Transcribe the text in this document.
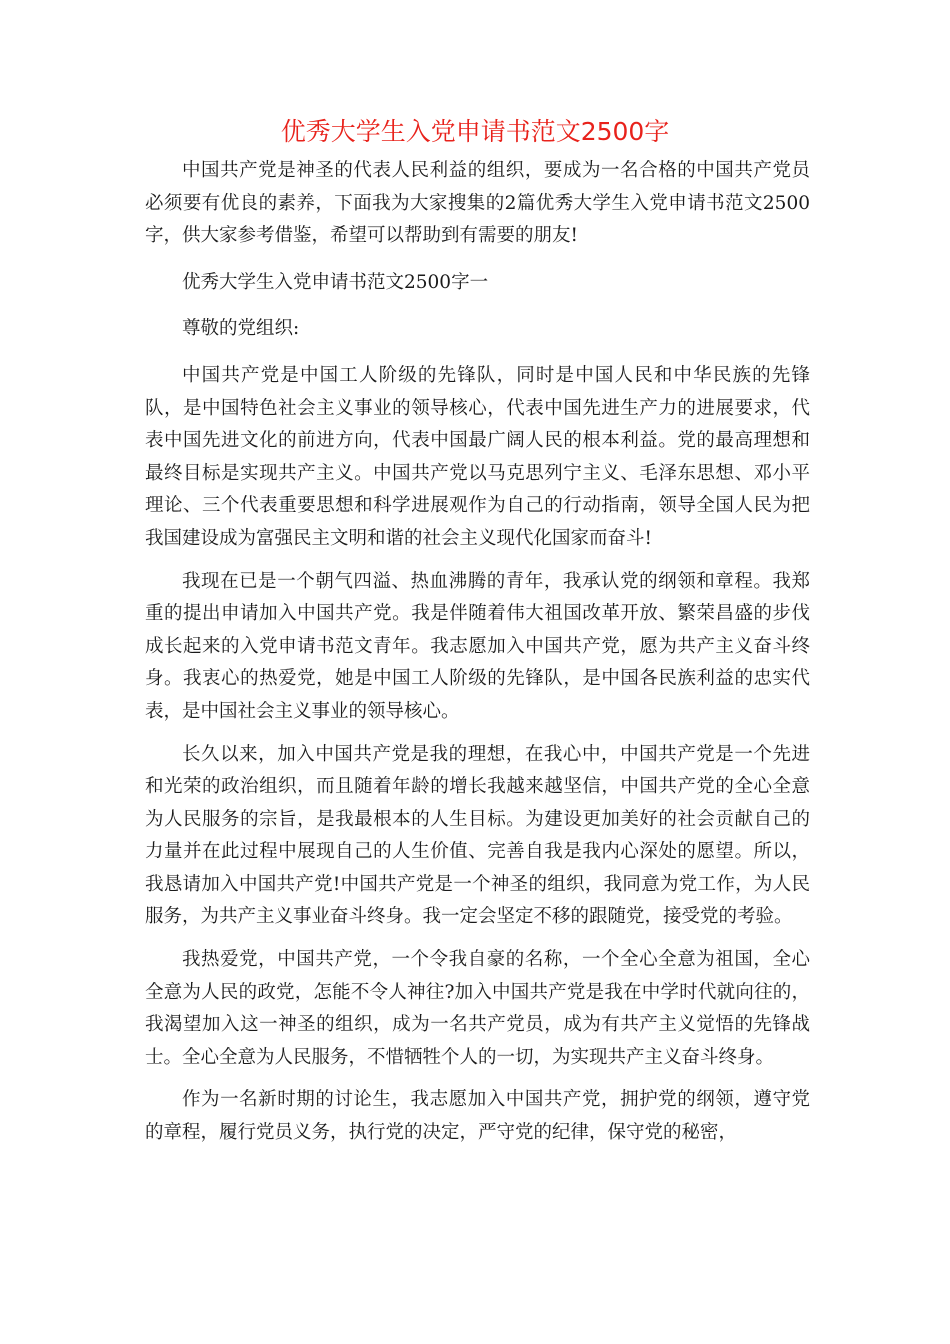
优秀大学生入党申请书范文2500字

中国共产党是神圣的代表人民利益的组织，要成为一名合格的中国共产党员必须要有优良的素养，下面我为大家搜集的2篇优秀大学生入党申请书范文2500字，供大家参考借鉴，希望可以帮助到有需要的朋友!

优秀大学生入党申请书范文2500字一

尊敬的党组织:

中国共产党是中国工人阶级的先锋队，同时是中国人民和中华民族的先锋队，是中国特色社会主义事业的领导核心，代表中国先进生产力的进展要求，代表中国先进文化的前进方向，代表中国最广阔人民的根本利益。党的最高理想和最终目标是实现共产主义。中国共产党以马克思列宁主义、毛泽东思想、邓小平理论、三个代表重要思想和科学进展观作为自己的行动指南，领导全国人民为把我国建设成为富强民主文明和谐的社会主义现代化国家而奋斗!

我现在已是一个朝气四溢、热血沸腾的青年，我承认党的纲领和章程。我郑重的提出申请加入中国共产党。我是伴随着伟大祖国改革开放、繁荣昌盛的步伐成长起来的入党申请书范文青年。我志愿加入中国共产党，愿为共产主义奋斗终身。我衷心的热爱党，她是中国工人阶级的先锋队，是中国各民族利益的忠实代表，是中国社会主义事业的领导核心。

长久以来，加入中国共产党是我的理想，在我心中，中国共产党是一个先进和光荣的政治组织，而且随着年龄的增长我越来越坚信，中国共产党的全心全意为人民服务的宗旨，是我最根本的人生目标。为建设更加美好的社会贡献自己的力量并在此过程中展现自己的人生价值、完善自我是我内心深处的愿望。所以，我恳请加入中国共产党!中国共产党是一个神圣的组织，我同意为党工作，为人民服务，为共产主义事业奋斗终身。我一定会坚定不移的跟随党，接受党的考验。

我热爱党，中国共产党，一个令我自豪的名称，一个全心全意为祖国，全心全意为人民的政党，怎能不令人神往?加入中国共产党是我在中学时代就向往的，我渴望加入这一神圣的组织，成为一名共产党员，成为有共产主义觉悟的先锋战士。全心全意为人民服务，不惜牺牲个人的一切，为实现共产主义奋斗终身。

作为一名新时期的讨论生，我志愿加入中国共产党，拥护党的纲领，遵守党的章程，履行党员义务，执行党的决定，严守党的纪律，保守党的秘密，
